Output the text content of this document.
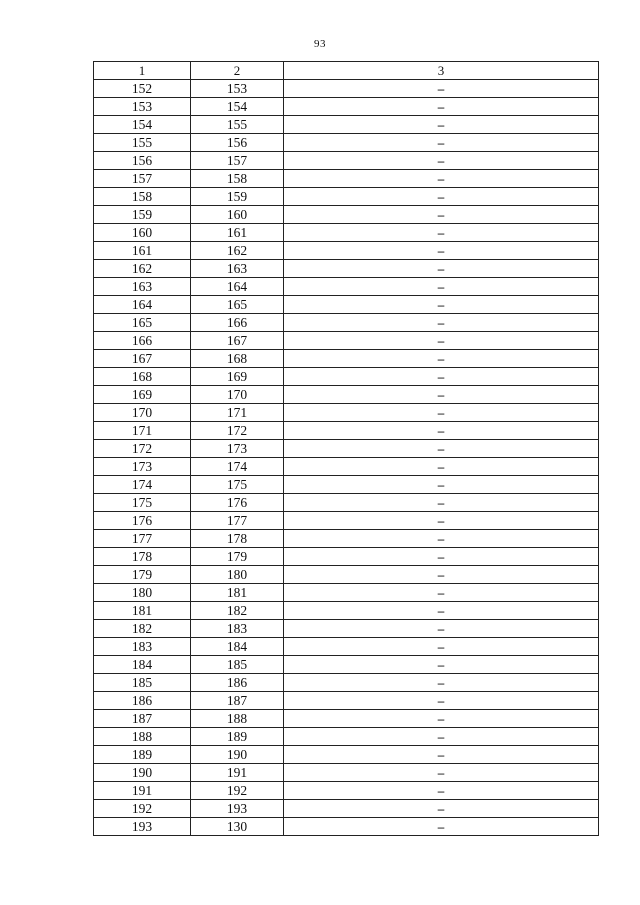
93
1	2	3
152	153	–
153	154	–
154	155	–
155	156	–
156	157	–
157	158	–
158	159	–
159	160	–
160	161	–
161	162	–
162	163	–
163	164	–
164	165	–
165	166	–
166	167	–
167	168	–
168	169	–
169	170	–
170	171	–
171	172	–
172	173	–
173	174	–
174	175	–
175	176	–
176	177	–
177	178	–
178	179	–
179	180	–
180	181	–
181	182	–
182	183	–
183	184	–
184	185	–
185	186	–
186	187	–
187	188	–
188	189	–
189	190	–
190	191	–
191	192	–
192	193	–
193	130	–
